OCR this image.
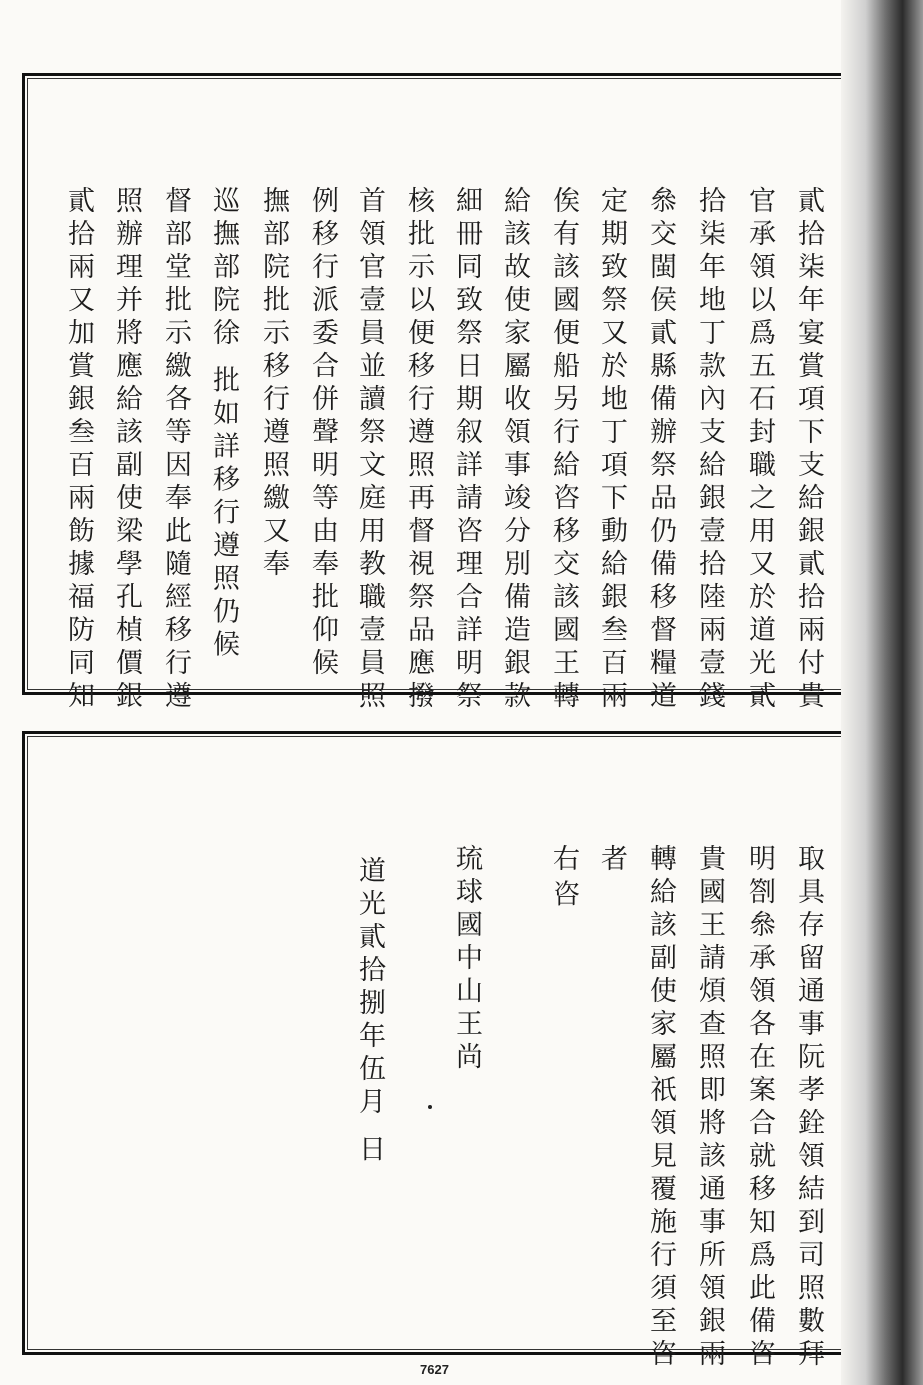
貳拾柒年宴賞項下支給銀貳拾兩付貴
官承領以爲五石封職之用又於道光貳
拾柒年地丁款內支給銀壹拾陸兩壹錢
叅交閩侯貳縣備辦祭品仍備移督糧道
定期致祭又於地丁項下動給銀叁百兩
俟有該國便船另行給咨移交該國王轉
給該故使家屬收領事竣分別備造銀款
細冊同致祭日期叙詳請咨理合詳明祭
核批示以便移行遵照再督視祭品應撥
首領官壹員並讀祭文庭用教職壹員照
例移行派委合併聲明等由奉批仰候
撫部院批示移行遵照繳又奉
巡撫部院徐 批如詳移行遵照仍候
督部堂批示繳各等因奉此隨經移行遵
照辦理并將應給該副使梁學孔楨價銀
貳拾兩又加賞銀叁百兩飭據福防同知
取具存留通事阮孝銓領結到司照數拜
明劄叅承領各在案合就移知爲此備咨
貴國王請煩查照即將該通事所領銀兩
轉給該副使家屬祇領見覆施行須至咨
者
右 咨
琉球國中山王尚
道光貳拾捌年伍月 日
7627
